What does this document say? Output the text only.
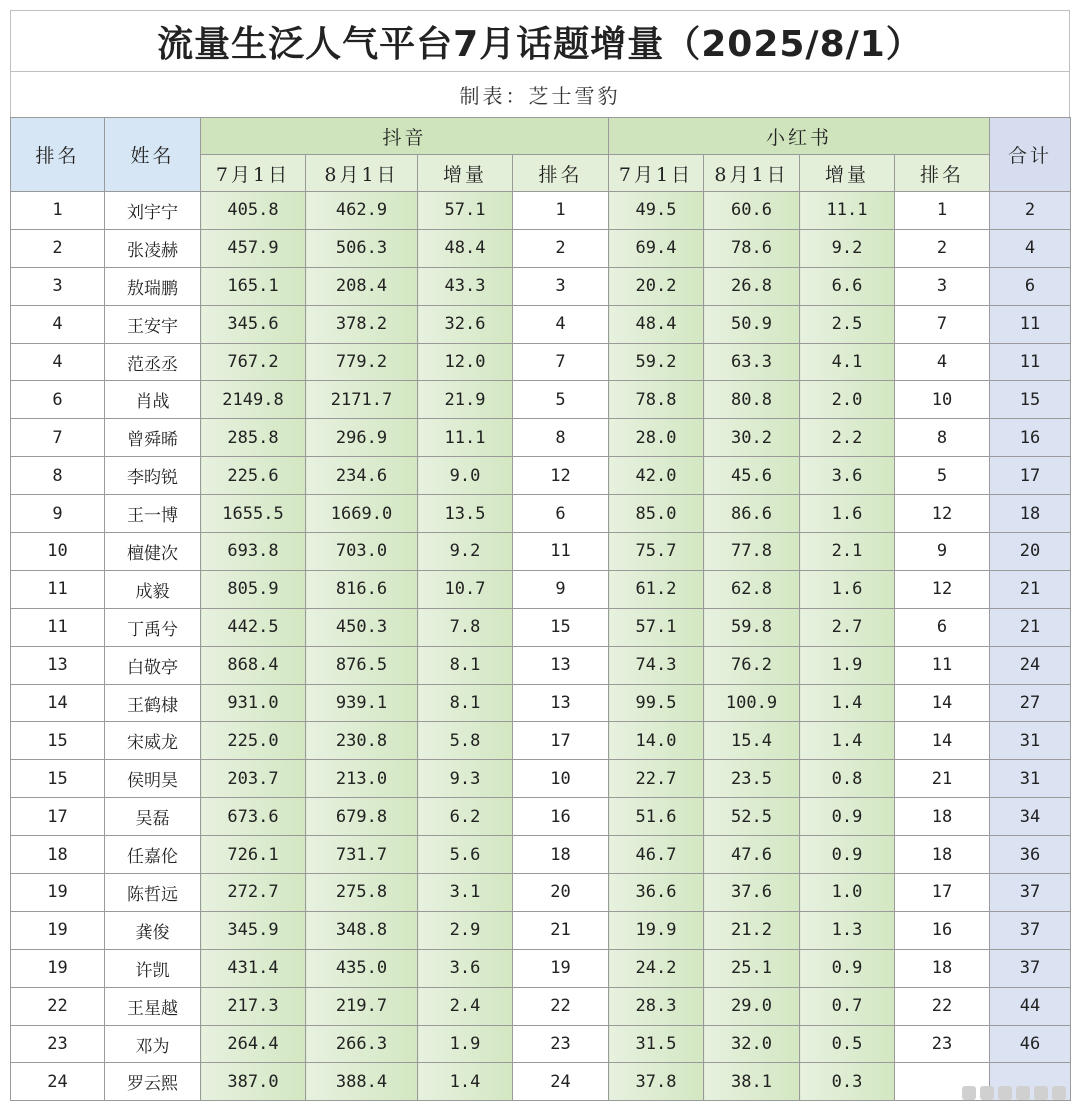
流量生泛人气平台7月话题增量（2025/8/1）
制表：芝士雪豹
排名	姓名	抖音				小红书				合计
		7月1日	8月1日	增量	排名	7月1日	8月1日	增量	排名	
1	刘宇宁	405.8	462.9	57.1	1	49.5	60.6	11.1	1	2
2	张凌赫	457.9	506.3	48.4	2	69.4	78.6	9.2	2	4
3	敖瑞鹏	165.1	208.4	43.3	3	20.2	26.8	6.6	3	6
4	王安宇	345.6	378.2	32.6	4	48.4	50.9	2.5	7	11
4	范丞丞	767.2	779.2	12.0	7	59.2	63.3	4.1	4	11
6	肖战	2149.8	2171.7	21.9	5	78.8	80.8	2.0	10	15
7	曾舜晞	285.8	296.9	11.1	8	28.0	30.2	2.2	8	16
8	李昀锐	225.6	234.6	9.0	12	42.0	45.6	3.6	5	17
9	王一博	1655.5	1669.0	13.5	6	85.0	86.6	1.6	12	18
10	檀健次	693.8	703.0	9.2	11	75.7	77.8	2.1	9	20
11	成毅	805.9	816.6	10.7	9	61.2	62.8	1.6	12	21
11	丁禹兮	442.5	450.3	7.8	15	57.1	59.8	2.7	6	21
13	白敬亭	868.4	876.5	8.1	13	74.3	76.2	1.9	11	24
14	王鹤棣	931.0	939.1	8.1	13	99.5	100.9	1.4	14	27
15	宋威龙	225.0	230.8	5.8	17	14.0	15.4	1.4	14	31
15	侯明昊	203.7	213.0	9.3	10	22.7	23.5	0.8	21	31
17	吴磊	673.6	679.8	6.2	16	51.6	52.5	0.9	18	34
18	任嘉伦	726.1	731.7	5.6	18	46.7	47.6	0.9	18	36
19	陈哲远	272.7	275.8	3.1	20	36.6	37.6	1.0	17	37
19	龚俊	345.9	348.8	2.9	21	19.9	21.2	1.3	16	37
19	许凯	431.4	435.0	3.6	19	24.2	25.1	0.9	18	37
22	王星越	217.3	219.7	2.4	22	28.3	29.0	0.7	22	44
23	邓为	264.4	266.3	1.9	23	31.5	32.0	0.5	23	46
24	罗云熙	387.0	388.4	1.4	24	37.8	38.1	0.3		
